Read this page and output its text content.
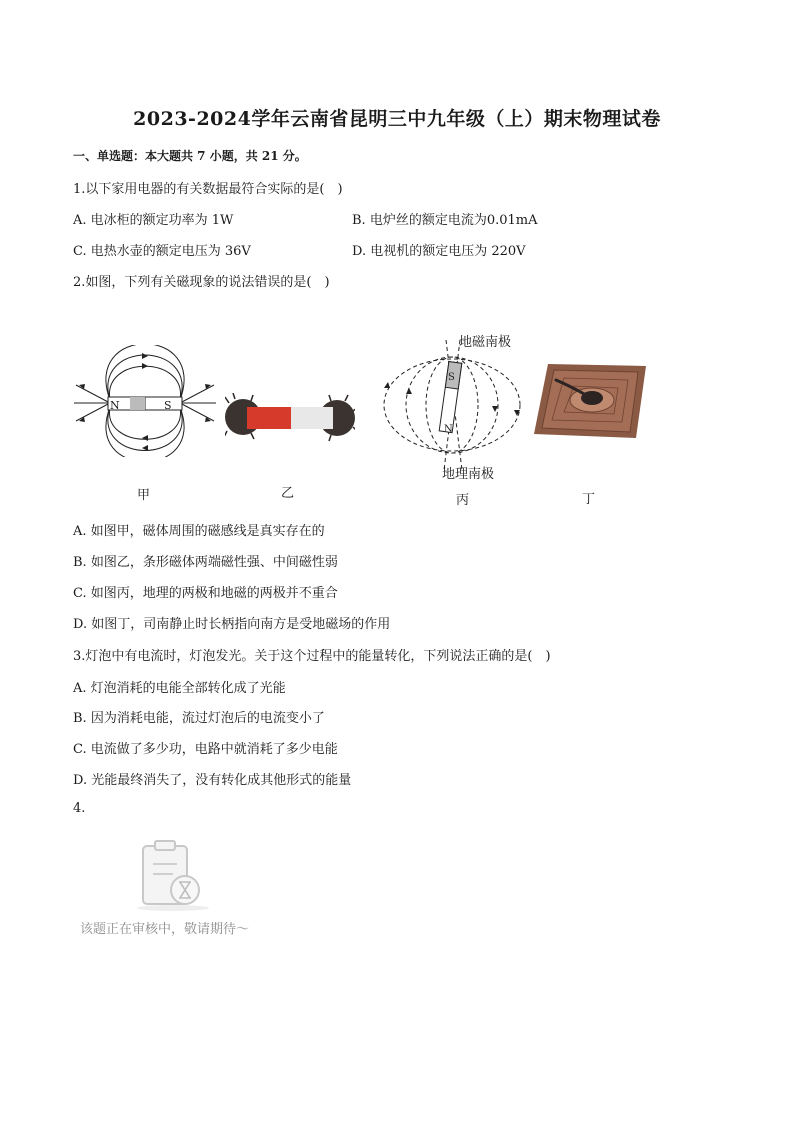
2023-2024学年云南省昆明三中九年级（上）期末物理试卷
一、单选题：本大题共 7 小题，共 21 分。
1.以下家用电器的有关数据最符合实际的是(　)
A. 电冰柜的额定功率为 1W	B. 电炉丝的额定电流为0.01mA
C. 电热水壶的额定电压为 36V	D. 电视机的额定电压为 220V
2.如图，下列有关磁现象的说法错误的是(　)
N	S
甲	乙
S
N
地磁南极
地理南极
丙	丁
A. 如图甲，磁体周围的磁感线是真实存在的
B. 如图乙，条形磁体两端磁性强、中间磁性弱
C. 如图丙，地理的两极和地磁的两极并不重合
D. 如图丁，司南静止时长柄指向南方是受地磁场的作用
3.灯泡中有电流时，灯泡发光。关于这个过程中的能量转化，下列说法正确的是(　)
A. 灯泡消耗的电能全部转化成了光能
B. 因为消耗电能，流过灯泡后的电流变小了
C. 电流做了多少功，电路中就消耗了多少电能
D. 光能最终消失了，没有转化成其他形式的能量
4.
该题正在审核中，敬请期待～
